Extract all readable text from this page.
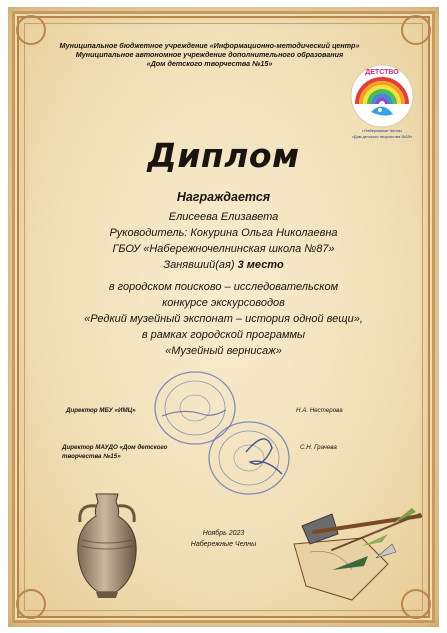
Муниципальное бюджетное учреждение «Информационно-методический центр»
Муниципальное автономное учреждение дополнительного образования
«Дом детского творчества №15»
ДЕТСТВО
г.Набережные Челны
«Дом детского творчества №15»
Диплом
Награждается
Елисеева Елизавета
Руководитель: Кокурина Ольга Николаевна
ГБОУ «Набережночелнинская школа №87»
Занявший(ая) 3 место
в городском поисково – исследовательском
конкурсе экскурсоводов
«Редкий музейный экспонат – история одной вещи»,
в рамках городской программы
«Музейный вернисаж»
Директор МБУ «ИМЦ»	Н.А. Нестерова
Директор МАУДО «Дом детского
творчества №15»
С.Н. Грачева
Ноябрь 2023
Набережные Челны
